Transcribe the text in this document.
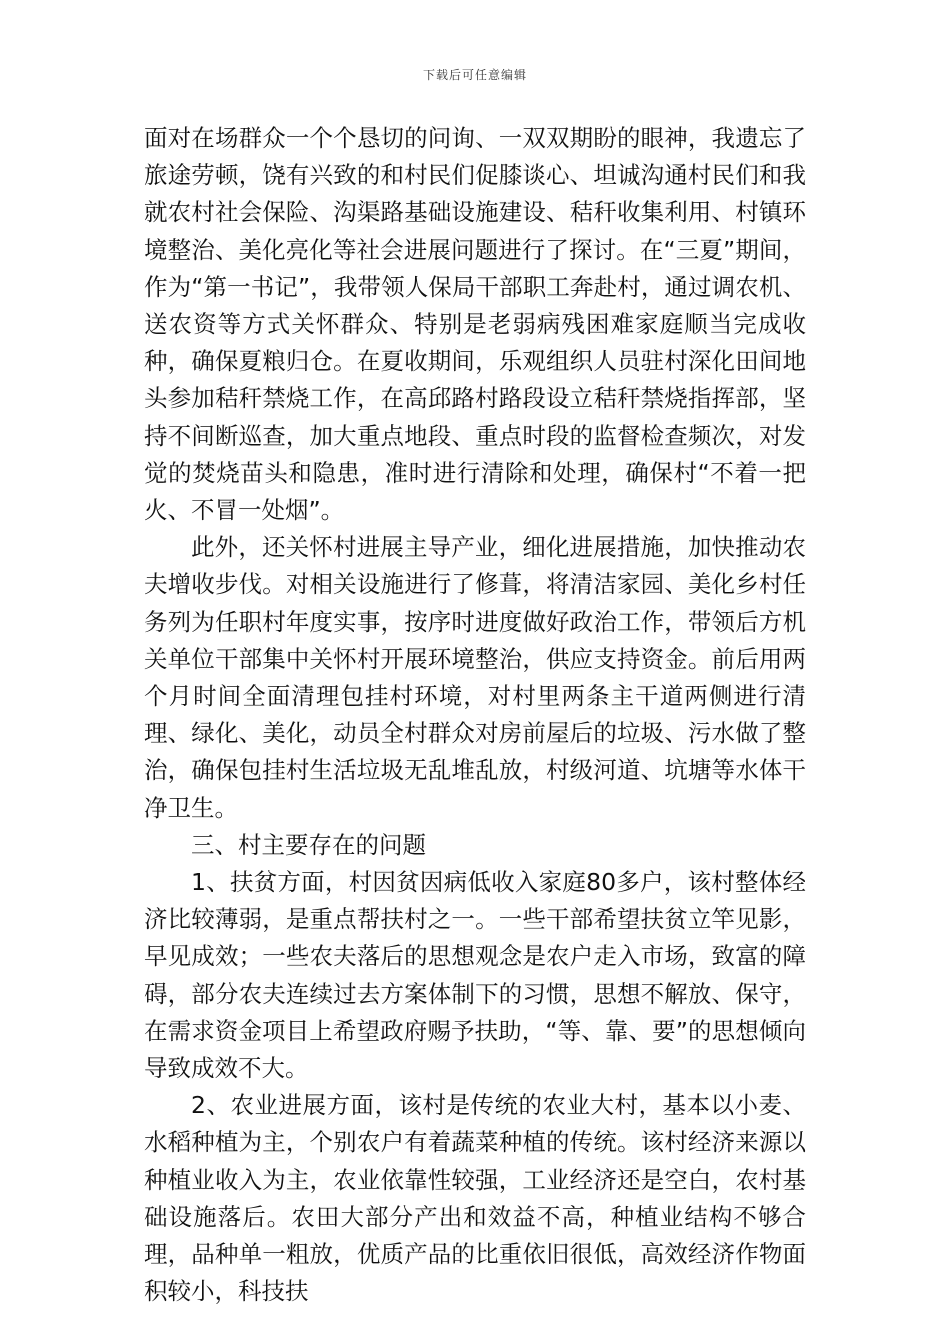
下载后可任意编辑

面对在场群众一个个恳切的问询、一双双期盼的眼神，我遗忘了旅途劳顿，饶有兴致的和村民们促膝谈心、坦诚沟通村民们和我就农村社会保险、沟渠路基础设施建设、秸秆收集利用、村镇环境整治、美化亮化等社会进展问题进行了探讨。在“三夏”期间，作为“第一书记”，我带领人保局干部职工奔赴村，通过调农机、送农资等方式关怀群众、特别是老弱病残困难家庭顺当完成收种，确保夏粮归仓。在夏收期间，乐观组织人员驻村深化田间地头参加秸秆禁烧工作，在高邱路村路段设立秸秆禁烧指挥部，坚持不间断巡查，加大重点地段、重点时段的监督检查频次，对发觉的焚烧苗头和隐患，准时进行清除和处理，确保村“不着一把火、不冒一处烟”。

此外，还关怀村进展主导产业，细化进展措施，加快推动农夫增收步伐。对相关设施进行了修葺，将清洁家园、美化乡村任务列为任职村年度实事，按序时进度做好政治工作，带领后方机关单位干部集中关怀村开展环境整治，供应支持资金。前后用两个月时间全面清理包挂村环境，对村里两条主干道两侧进行清理、绿化、美化，动员全村群众对房前屋后的垃圾、污水做了整治，确保包挂村生活垃圾无乱堆乱放，村级河道、坑塘等水体干净卫生。

三、村主要存在的问题

1、扶贫方面，村因贫因病低收入家庭80多户，该村整体经济比较薄弱，是重点帮扶村之一。一些干部希望扶贫立竿见影，早见成效；一些农夫落后的思想观念是农户走入市场，致富的障碍，部分农夫连续过去方案体制下的习惯，思想不解放、保守，在需求资金项目上希望政府赐予扶助，“等、靠、要”的思想倾向导致成效不大。

2、农业进展方面，该村是传统的农业大村，基本以小麦、水稻种植为主，个别农户有着蔬菜种植的传统。该村经济来源以种植业收入为主，农业依靠性较强，工业经济还是空白，农村基础设施落后。农田大部分产出和效益不高，种植业结构不够合理，品种单一粗放，优质产品的比重依旧很低，高效经济作物面积较小，科技扶
